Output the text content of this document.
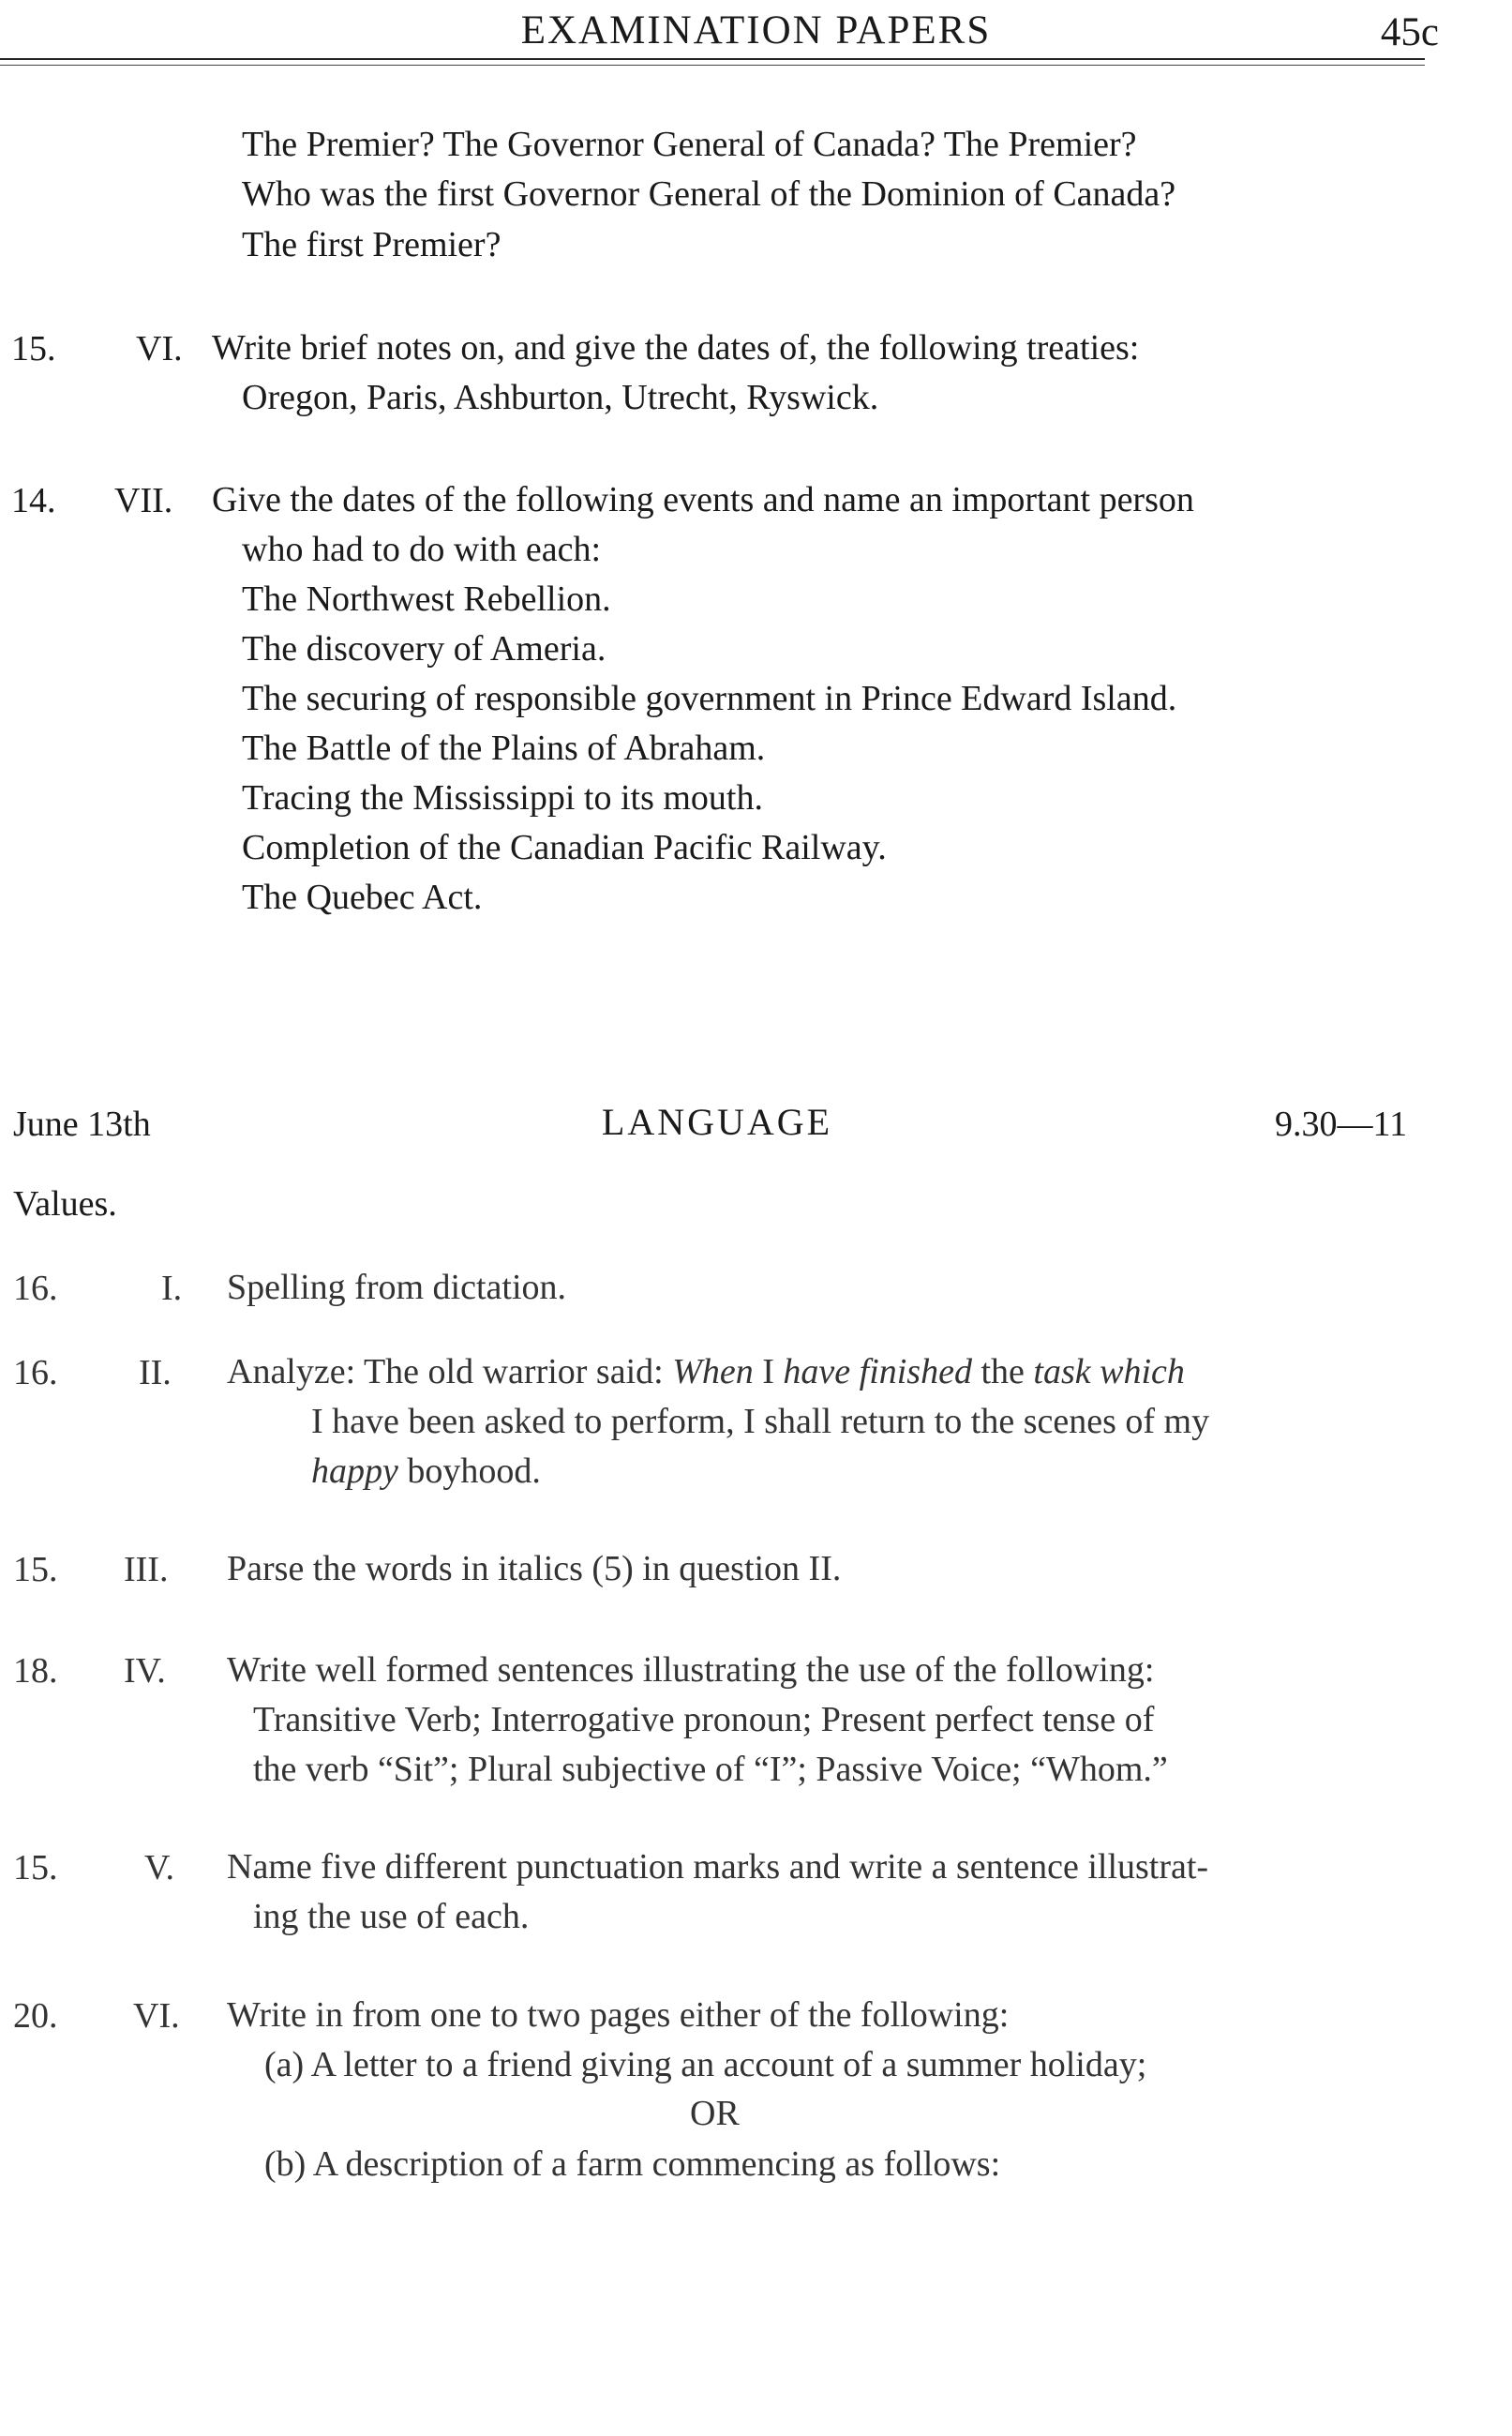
EXAMINATION PAPERS	45c
The Premier? The Governor General of Canada? The Premier?
Who was the first Governor General of the Dominion of Canada?
The first Premier?
15. VI. Write brief notes on, and give the dates of, the following treaties:
Oregon, Paris, Ashburton, Utrecht, Ryswick.
14. VII. Give the dates of the following events and name an important person
who had to do with each:
The Northwest Rebellion.
The discovery of Ameria.
The securing of responsible government in Prince Edward Island.
The Battle of the Plains of Abraham.
Tracing the Mississippi to its mouth.
Completion of the Canadian Pacific Railway.
The Quebec Act.
June 13th	LANGUAGE	9.30—11
Values.
16.	I. Spelling from dictation.
16. II. Analyze: The old warrior said: When I have finished the task which
I have been asked to perform, I shall return to the scenes of my
happy boyhood.
15. III. Parse the words in italics (5) in question II.
18. IV. Write well formed sentences illustrating the use of the following:
Transitive Verb; Interrogative pronoun; Present perfect tense of
the verb “Sit”; Plural subjective of “I”; Passive Voice; “Whom.”
15. V. Name five different punctuation marks and write a sentence illustrat-
ing the use of each.
20. VI. Write in from one to two pages either of the following:
(a) A letter to a friend giving an account of a summer holiday;
OR
(b) A description of a farm commencing as follows:
